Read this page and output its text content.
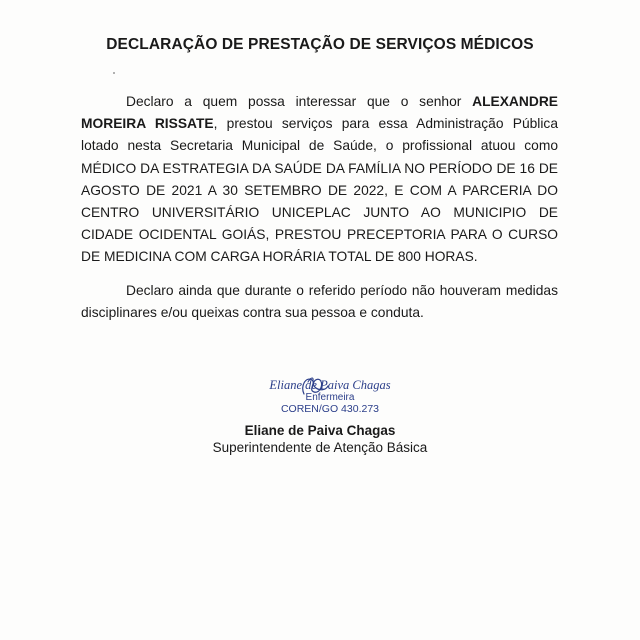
DECLARAÇÃO DE PRESTAÇÃO DE SERVIÇOS MÉDICOS
Declaro a quem possa interessar que o senhor ALEXANDRE MOREIRA RISSATE, prestou serviços para essa Administração Pública lotado nesta Secretaria Municipal de Saúde, o profissional atuou como MÉDICO DA ESTRATEGIA DA SAÚDE DA FAMÍLIA NO PERÍODO DE 16 DE AGOSTO DE 2021 A 30 SETEMBRO DE 2022, E COM A PARCERIA DO CENTRO UNIVERSITÁRIO UNICEPLAC JUNTO AO MUNICIPIO DE CIDADE OCIDENTAL GOIÁS, PRESTOU PRECEPTORIA PARA O CURSO DE MEDICINA COM CARGA HORÁRIA TOTAL DE 800 HORAS.
Declaro ainda que durante o referido período não houveram medidas disciplinares e/ou queixas contra sua pessoa e conduta.
Eliane de Paiva Chagas
Enfermeira
COREN/GO 430.273
Eliane de Paiva Chagas
Superintendente de Atenção Básica
